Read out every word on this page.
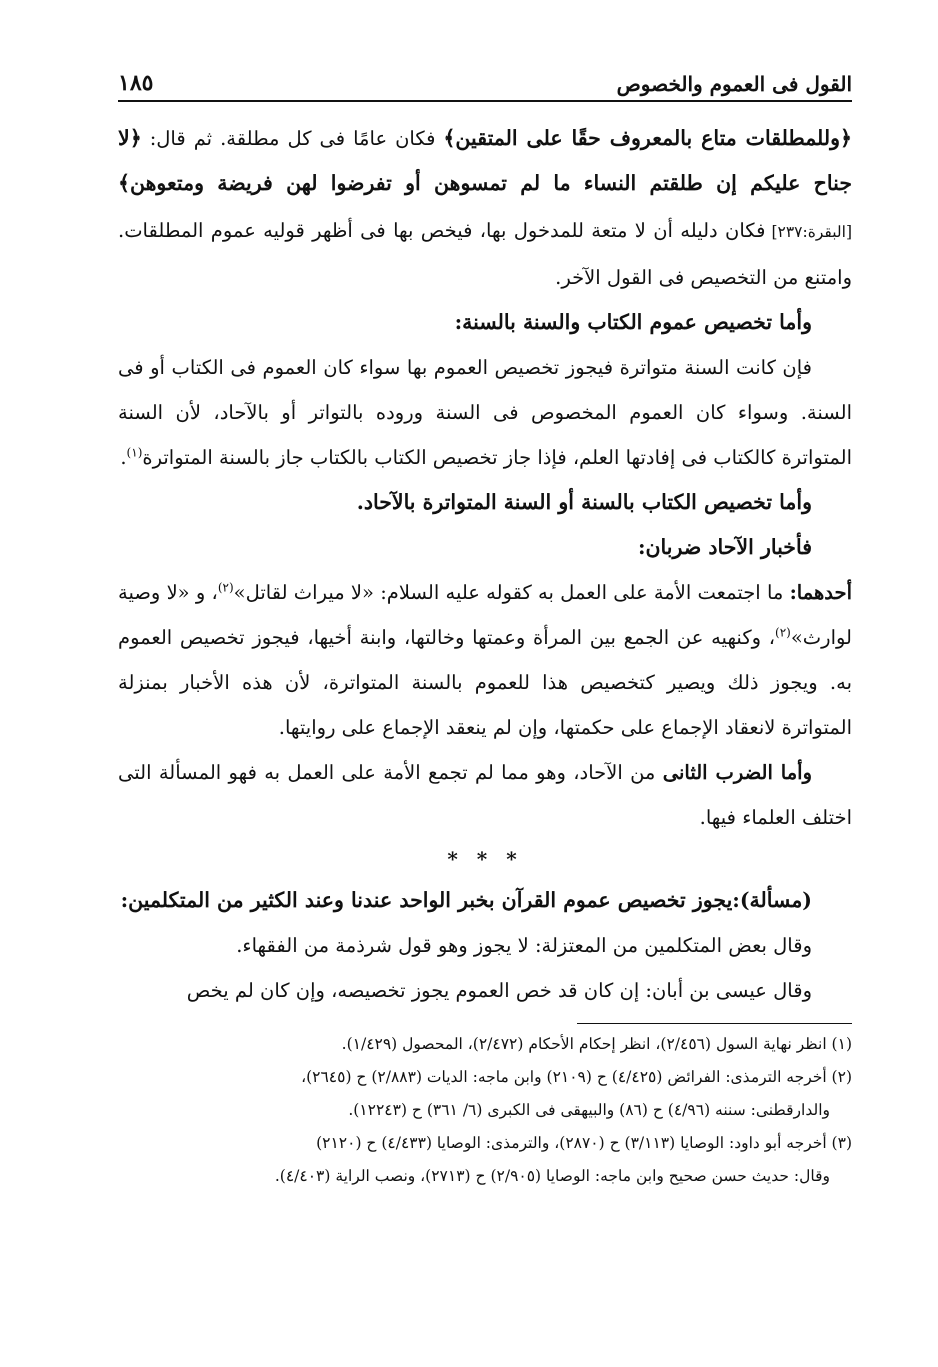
القول فى العموم والخصوص
١٨٥

﴿وللمطلقات متاع بالمعروف حقًا على المتقين﴾ فكان عامًا فى كل مطلقة. ثم قال: ﴿لا جناح عليكم إن طلقتم النساء ما لم تمسوهن أو تفرضوا لهن فريضة ومتعوهن﴾ [البقرة:٢٣٧] فكان دليله أن لا متعة للمدخول بها، فيخص بها فى أظهر قوليه عموم المطلقات. وامتنع من التخصيص فى القول الآخر.

وأما تخصيص عموم الكتاب والسنة بالسنة:

فإن كانت السنة متواترة فيجوز تخصيص العموم بها سواء كان العموم فى الكتاب أو فى السنة. وسواء كان العموم المخصوص فى السنة وروده بالتواتر أو بالآحاد، لأن السنة المتواترة كالكتاب فى إفادتها العلم، فإذا جاز تخصيص الكتاب بالكتاب جاز بالسنة المتواترة$^{(١)}$.

وأما تخصيص الكتاب بالسنة أو السنة المتواترة بالآحاد.

فأخبار الآحاد ضربان:

أحدهما: ما اجتمعت الأمة على العمل به كقوله عليه السلام: «لا ميراث لقاتل»$^{(٢)}$، و «لا وصية لوارث»$^{(٢)}$، وكنهيه عن الجمع بين المرأة وعمتها وخالتها، وابنة أخيها، فيجوز تخصيص العموم به. ويجوز ذلك ويصير كتخصيص هذا للعموم بالسنة المتواترة، لأن هذه الأخبار بمنزلة المتواترة لانعقاد الإجماع على حكمتها، وإن لم ينعقد الإجماع على روايتها.

وأما الضرب الثانى من الآحاد، وهو مما لم تجمع الأمة على العمل به فهو المسألة التى اختلف العلماء فيها.

* * *

(مسألة):يجوز تخصيص عموم القرآن بخبر الواحد عندنا وعند الكثير من المتكلمين:

وقال بعض المتكلمين من المعتزلة: لا يجوز وهو قول شرذمة من الفقهاء.

وقال عيسى بن أبان: إن كان قد خص العموم يجوز تخصيصه، وإن كان لم يخص

(١) انظر نهاية السول (٢/٤٥٦)، انظر إحكام الأحكام (٢/٤٧٢)، المحصول (١/٤٢٩).

(٢) أخرجه الترمذى: الفرائض (٤/٤٢٥) ح (٢١٠٩) وابن ماجه: الديات (٢/٨٨٣) ح (٢٦٤٥)،

والدارقطنى: سننه (٤/٩٦) ح (٨٦) والبيهقى فى الكبرى (٦/ ٣٦١) ح (١٢٢٤٣).

(٣) أخرجه أبو داود: الوصايا (٣/١١٣) ح (٢٨٧٠)، والترمذى: الوصايا (٤/٤٣٣) ح (٢١٢٠)

وقال: حديث حسن صحيح وابن ماجه: الوصايا (٢/٩٠٥) ح (٢٧١٣)، ونصب الراية (٤/٤٠٣).
